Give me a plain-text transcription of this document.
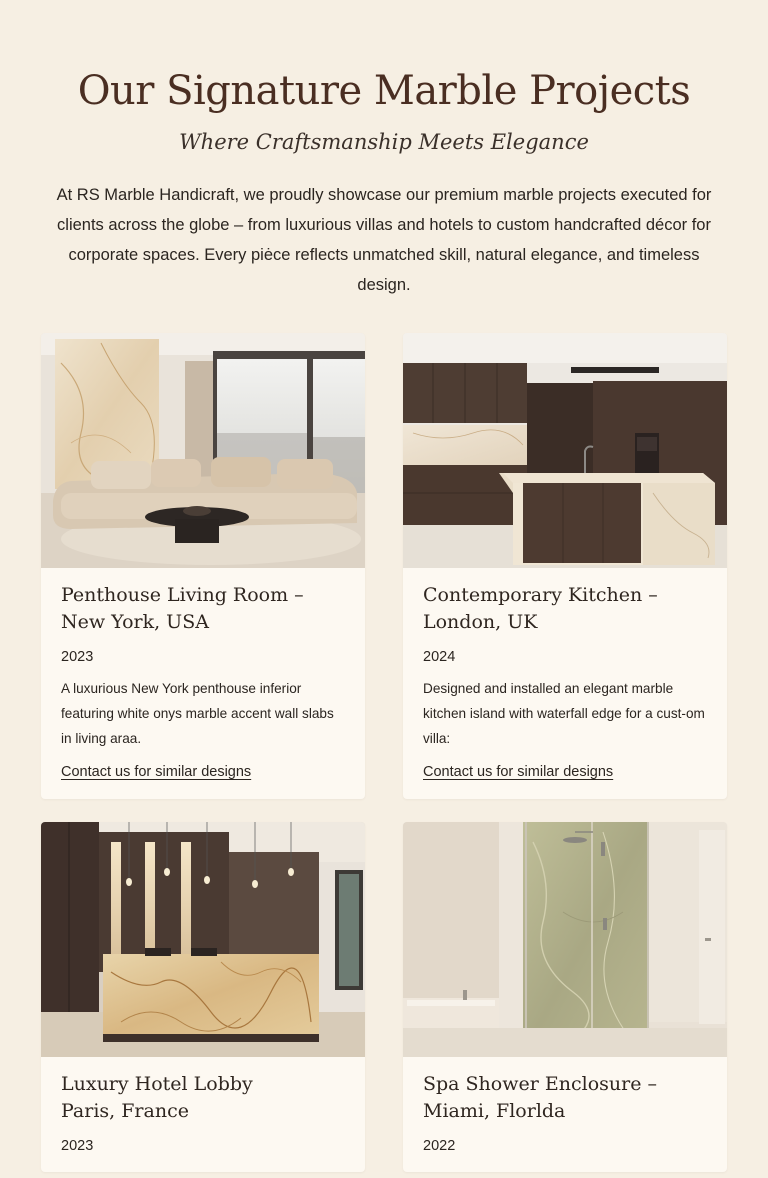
Our Signature Marble Projects
Where Craftsmanship Meets Elegance

At RS Marble Handicraft, we proudly showcase our premium marble projects executed for clients across the globe – from luxurious villas and hotels to custom handcrafted décor for corporate spaces. Every piėce reflects unmatched skill, natural elegance, and timeless design.

Penthouse Living Room –
New York, USA
2023

A luxurious New York penthouse inferior featuring white onys marble accent wall slabs in living araa.

Contact us for similar designs
Contemporary Kitchen –
London, UK
2024

Designed and installed an elegant marble kitchen island with waterfall edge for a cust-om villa:

Contact us for similar designs
Luxury Hotel Lobby
Paris, France
2023
Spa Shower Enclosure –
Miami, Florlda
2022
